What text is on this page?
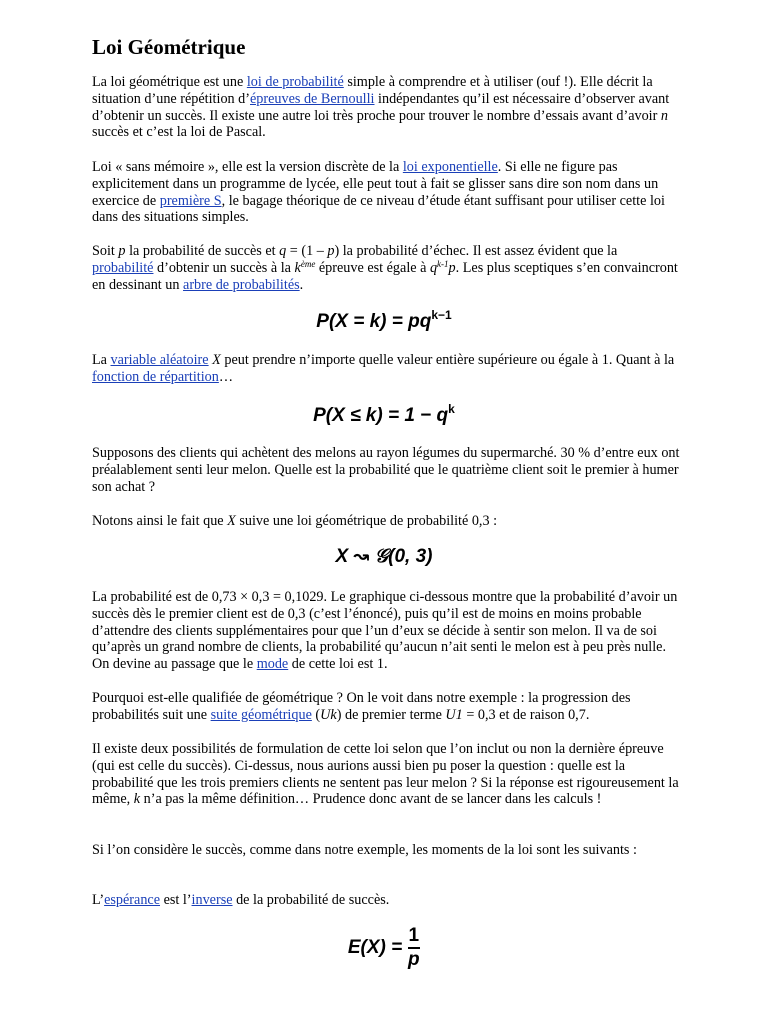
Loi Géométrique

La loi géométrique est une loi de probabilité simple à comprendre et à utiliser (ouf !). Elle décrit la situation d’une répétition d’épreuves de Bernoulli indépendantes qu’il est nécessaire d’observer avant d’obtenir un succès. Il existe une autre loi très proche pour trouver le nombre d’essais avant d’avoir n succès et c’est la loi de Pascal.

Loi « sans mémoire », elle est la version discrète de la loi exponentielle. Si elle ne figure pas explicitement dans un programme de lycée, elle peut tout à fait se glisser sans dire son nom dans un exercice de première S, le bagage théorique de ce niveau d’étude étant suffisant pour utiliser cette loi dans des situations simples.

Soit p la probabilité de succès et q = (1 – p) la probabilité d’échec. Il est assez évident que la probabilité d’obtenir un succès à la $k^{ème}$ épreuve est égale à $q^{k-1}p$. Les plus sceptiques s’en convaincront en dessinant un arbre de probabilités.

$P(X = k) = pq^{k-1}$

La variable aléatoire X peut prendre n’importe quelle valeur entière supérieure ou égale à 1. Quant à la fonction de répartition…

$P(X \le k) = 1 - q^k$

Supposons des clients qui achètent des melons au rayon légumes du supermarché. 30 % d’entre eux ont préalablement senti leur melon. Quelle est la probabilité que le quatrième client soit le premier à humer son achat ?

Notons ainsi le fait que X suive une loi géométrique de probabilité 0,3 :

X ↝ 𝒢(0, 3)

La probabilité est de 0,73 × 0,3 = 0,1029. Le graphique ci-dessous montre que la probabilité d’avoir un succès dès le premier client est de 0,3 (c’est l’énoncé), puis qu’il est de moins en moins probable d’attendre des clients supplémentaires pour que l’un d’eux se décide à sentir son melon. Il va de soi qu’après un grand nombre de clients, la probabilité qu’aucun n’ait senti le melon est à peu près nulle. On devine au passage que le mode de cette loi est 1.

Pourquoi est-elle qualifiée de géométrique ? On le voit dans notre exemple : la progression des probabilités suit une suite géométrique (Uk) de premier terme U1 = 0,3 et de raison 0,7.

Il existe deux possibilités de formulation de cette loi selon que l’on inclut ou non la dernière épreuve (qui est celle du succès). Ci-dessus, nous aurions aussi bien pu poser la question : quelle est la probabilité que les trois premiers clients ne sentent pas leur melon ? Si la réponse est rigoureusement la même, k n’a pas la même définition… Prudence donc avant de se lancer dans les calculs !

Si l’on considère le succès, comme dans notre exemple, les moments de la loi sont les suivants :

L’espérance est l’inverse de la probabilité de succès.

$E(X) = \frac{1}{p}$
